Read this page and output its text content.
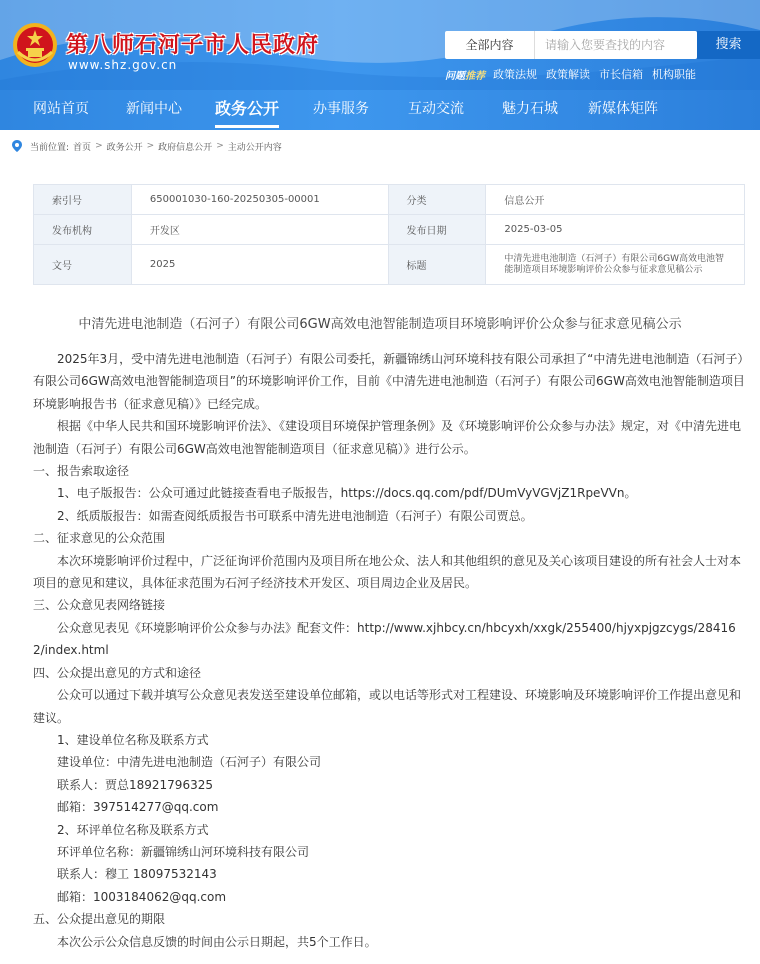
第八师石河子市人民政府
www.shz.gov.cn
全部内容
请输入您要查找的内容	搜索
问题推荐 政策法规 政策解读 市长信箱 机构职能
网站首页	新闻中心 政务公开 办事服务	互动交流	魅力石城 新媒体矩阵
当前位置: 首页 > 政务公开 > 政府信息公开 > 主动公开内容
索引号	650001030-160-20250305-00001	分类	信息公开
发布机构	开发区	发布日期	2025-03-05
文号	2025	标题	中清先进电池制造（石河子）有限公司6GW高效电池智能制造项目环境影响评价公众参与征求意见稿公示
中清先进电池制造（石河子）有限公司6GW高效电池智能制造项目环境影响评价公众参与征求意见稿公示

2025年3月，受中清先进电池制造（石河子）有限公司委托，新疆锦绣山河环境科技有限公司承担了“中清先进电池制造（石河子）有限公司6GW高效电池智能制造项目”的环境影响评价工作，目前《中清先进电池制造（石河子）有限公司6GW高效电池智能制造项目环境影响报告书（征求意见稿）》已经完成。

根据《中华人民共和国环境影响评价法》、《建设项目环境保护管理条例》及《环境影响评价公众参与办法》规定，对《中清先进电池制造（石河子）有限公司6GW高效电池智能制造项目（征求意见稿）》进行公示。

一、报告索取途径

1、电子版报告：公众可通过此链接查看电子版报告，https://docs.qq.com/pdf/DUmVyVGVjZ1RpeVVn。

2、纸质版报告：如需查阅纸质报告书可联系中清先进电池制造（石河子）有限公司贾总。

二、征求意见的公众范围

本次环境影响评价过程中，广泛征询评价范围内及项目所在地公众、法人和其他组织的意见及关心该项目建设的所有社会人士对本项目的意见和建议，具体征求范围为石河子经济技术开发区、项目周边企业及居民。

三、公众意见表网络链接

公众意见表见《环境影响评价公众参与办法》配套文件：http://www.xjhbcy.cn/hbcyxh/xxgk/255400/hjyxpjgzcygs/284162/index.html

四、公众提出意见的方式和途径

公众可以通过下载并填写公众意见表发送至建设单位邮箱，或以电话等形式对工程建设、环境影响及环境影响评价工作提出意见和建议。

1、建设单位名称及联系方式

建设单位：中清先进电池制造（石河子）有限公司

联系人：贾总18921796325

邮箱：397514277@qq.com

2、环评单位名称及联系方式

环评单位名称：新疆锦绣山河环境科技有限公司

联系人：穆工 18097532143

邮箱：1003184062@qq.com

五、公众提出意见的期限

本次公示公众信息反馈的时间由公示日期起，共5个工作日。
